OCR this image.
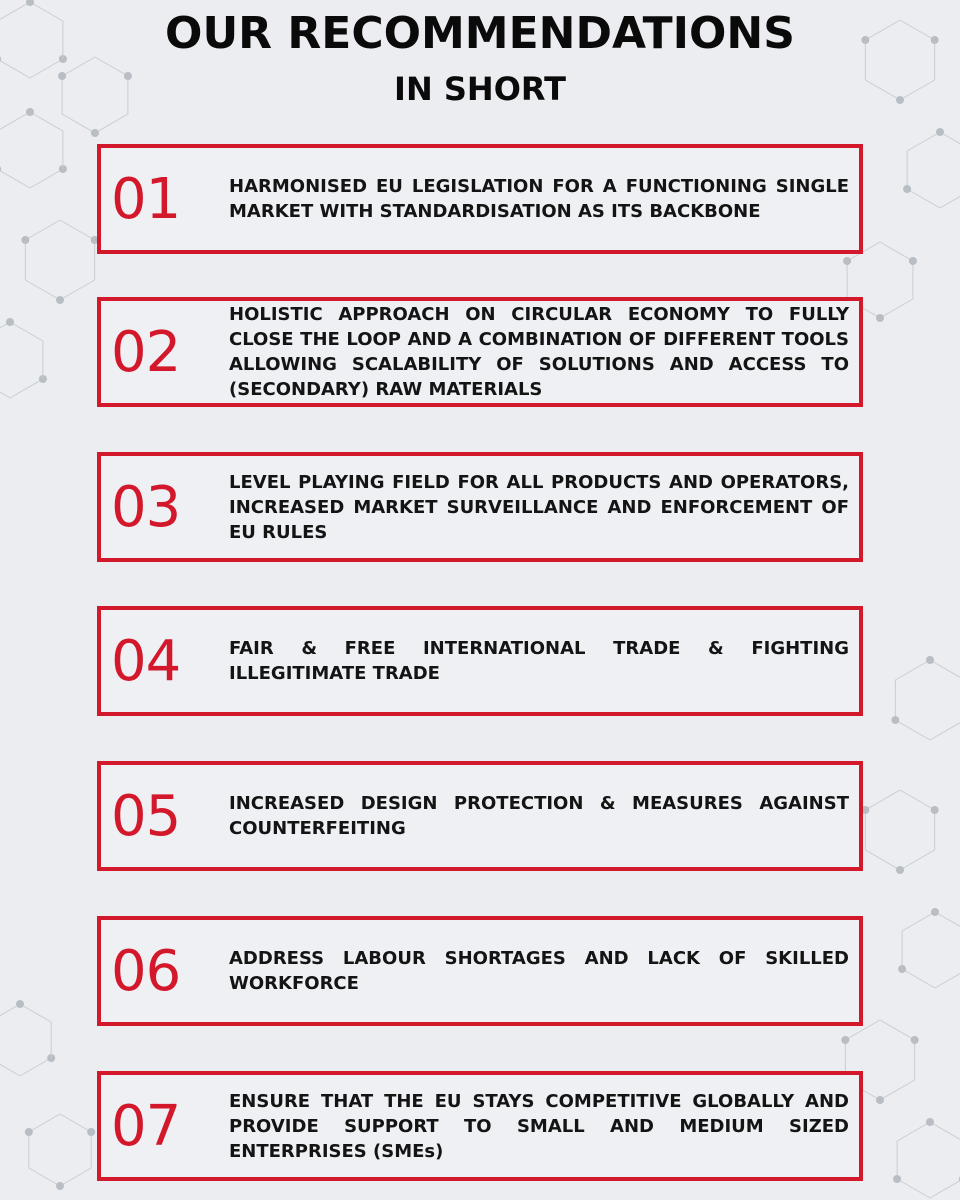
OUR RECOMMENDATIONS
IN SHORT
01	HARMONISED EU LEGISLATION FOR A FUNCTIONING SINGLE MARKET WITH STANDARDISATION AS ITS BACKBONE
02
HOLISTIC APPROACH ON CIRCULAR ECONOMY TO FULLY CLOSE THE LOOP AND A COMBINATION OF DIFFERENT TOOLS ALLOWING SCALABILITY OF SOLUTIONS AND ACCESS TO (SECONDARY) RAW MATERIALS
03	LEVEL PLAYING FIELD FOR ALL PRODUCTS AND OPERATORS, INCREASED MARKET SURVEILLANCE AND ENFORCEMENT OF EU RULES
04	FAIR & FREE INTERNATIONAL TRADE & FIGHTING ILLEGITIMATE TRADE
05	INCREASED DESIGN PROTECTION & MEASURES AGAINST COUNTERFEITING
06	ADDRESS LABOUR SHORTAGES AND LACK OF SKILLED WORKFORCE
07	ENSURE THAT THE EU STAYS COMPETITIVE GLOBALLY AND PROVIDE SUPPORT TO SMALL AND MEDIUM SIZED ENTERPRISES (SMEs)
